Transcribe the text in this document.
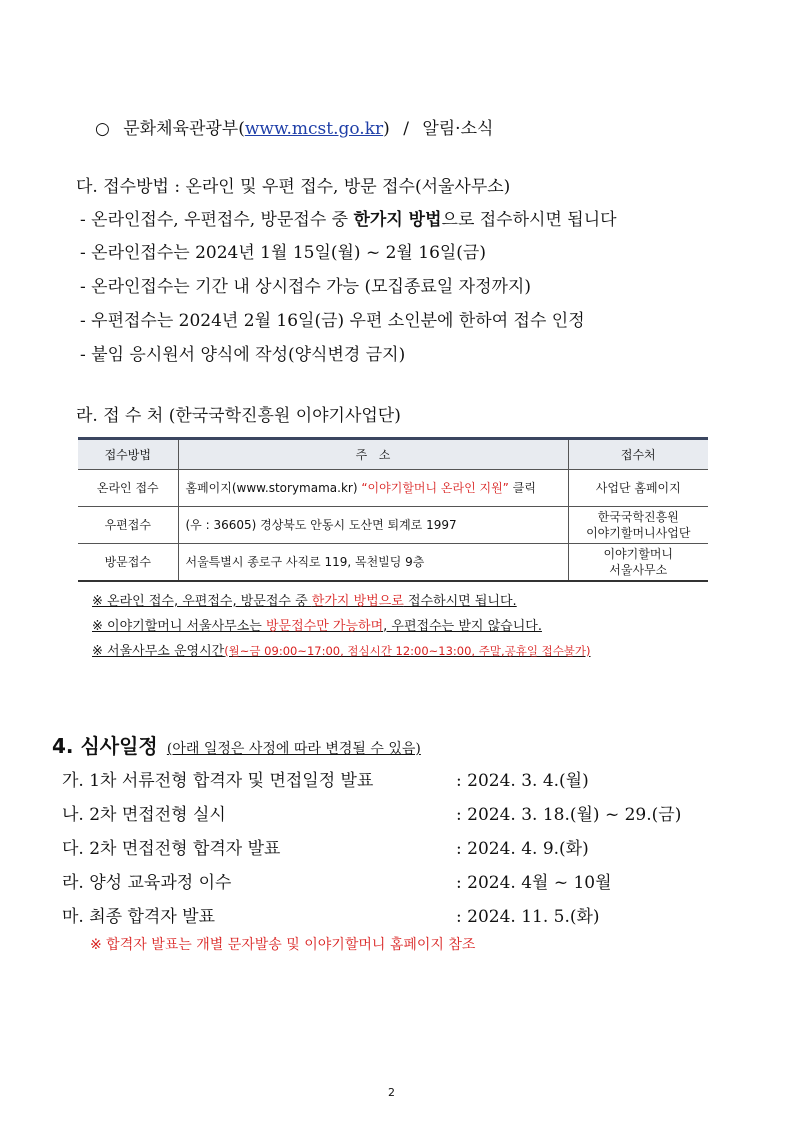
○ 문화체육관광부(www.mcst.go.kr) / 알림·소식
다. 접수방법 : 온라인 및 우편 접수, 방문 접수(서울사무소)
- 온라인접수, 우편접수, 방문접수 중 한가지 방법으로 접수하시면 됩니다
- 온라인접수는 2024년 1월 15일(월) ~ 2월 16일(금)
- 온라인접수는 기간 내 상시접수 가능 (모집종료일 자정까지)
- 우편접수는 2024년 2월 16일(금) 우편 소인분에 한하여 접수 인정
- 붙임 응시원서 양식에 작성(양식변경 금지)
라. 접 수 처 (한국국학진흥원 이야기사업단)
접수방법	주   소	접수처
온라인 접수	홈페이지(www.storymama.kr) “이야기할머니 온라인 지원” 클릭	사업단 홈페이지

우편접수	(우 : 36605) 경상북도 안동시 도산면 퇴계로 1997	한국국학진흥원
이야기할머니사업단

방문접수	서울특별시 종로구 사직로 119, 목천빌딩 9층	이야기할머니
서울사무소
※ 온라인 접수, 우편접수, 방문접수 중 한가지 방법으로 접수하시면 됩니다.
※ 이야기할머니 서울사무소는 방문접수만 가능하며, 우편접수는 받지 않습니다.
※ 서울사무소 운영시간(월~금 09:00~17:00, 점심시간 12:00~13:00, 주말,공휴일 접수불가)
4. 심사일정 (아래 일정은 사정에 따라 변경될 수 있음)
가. 1차 서류전형 합격자 및 면접일정 발표	: 2024. 3. 4.(월)
나. 2차 면접전형 실시	: 2024. 3. 18.(월) ~ 29.(금)
다. 2차 면접전형 합격자 발표	: 2024. 4. 9.(화)
라. 양성 교육과정 이수	: 2024. 4월 ~ 10월
마. 최종 합격자 발표	: 2024. 11. 5.(화)
※ 합격자 발표는 개별 문자발송 및 이야기할머니 홈페이지 참조
2
